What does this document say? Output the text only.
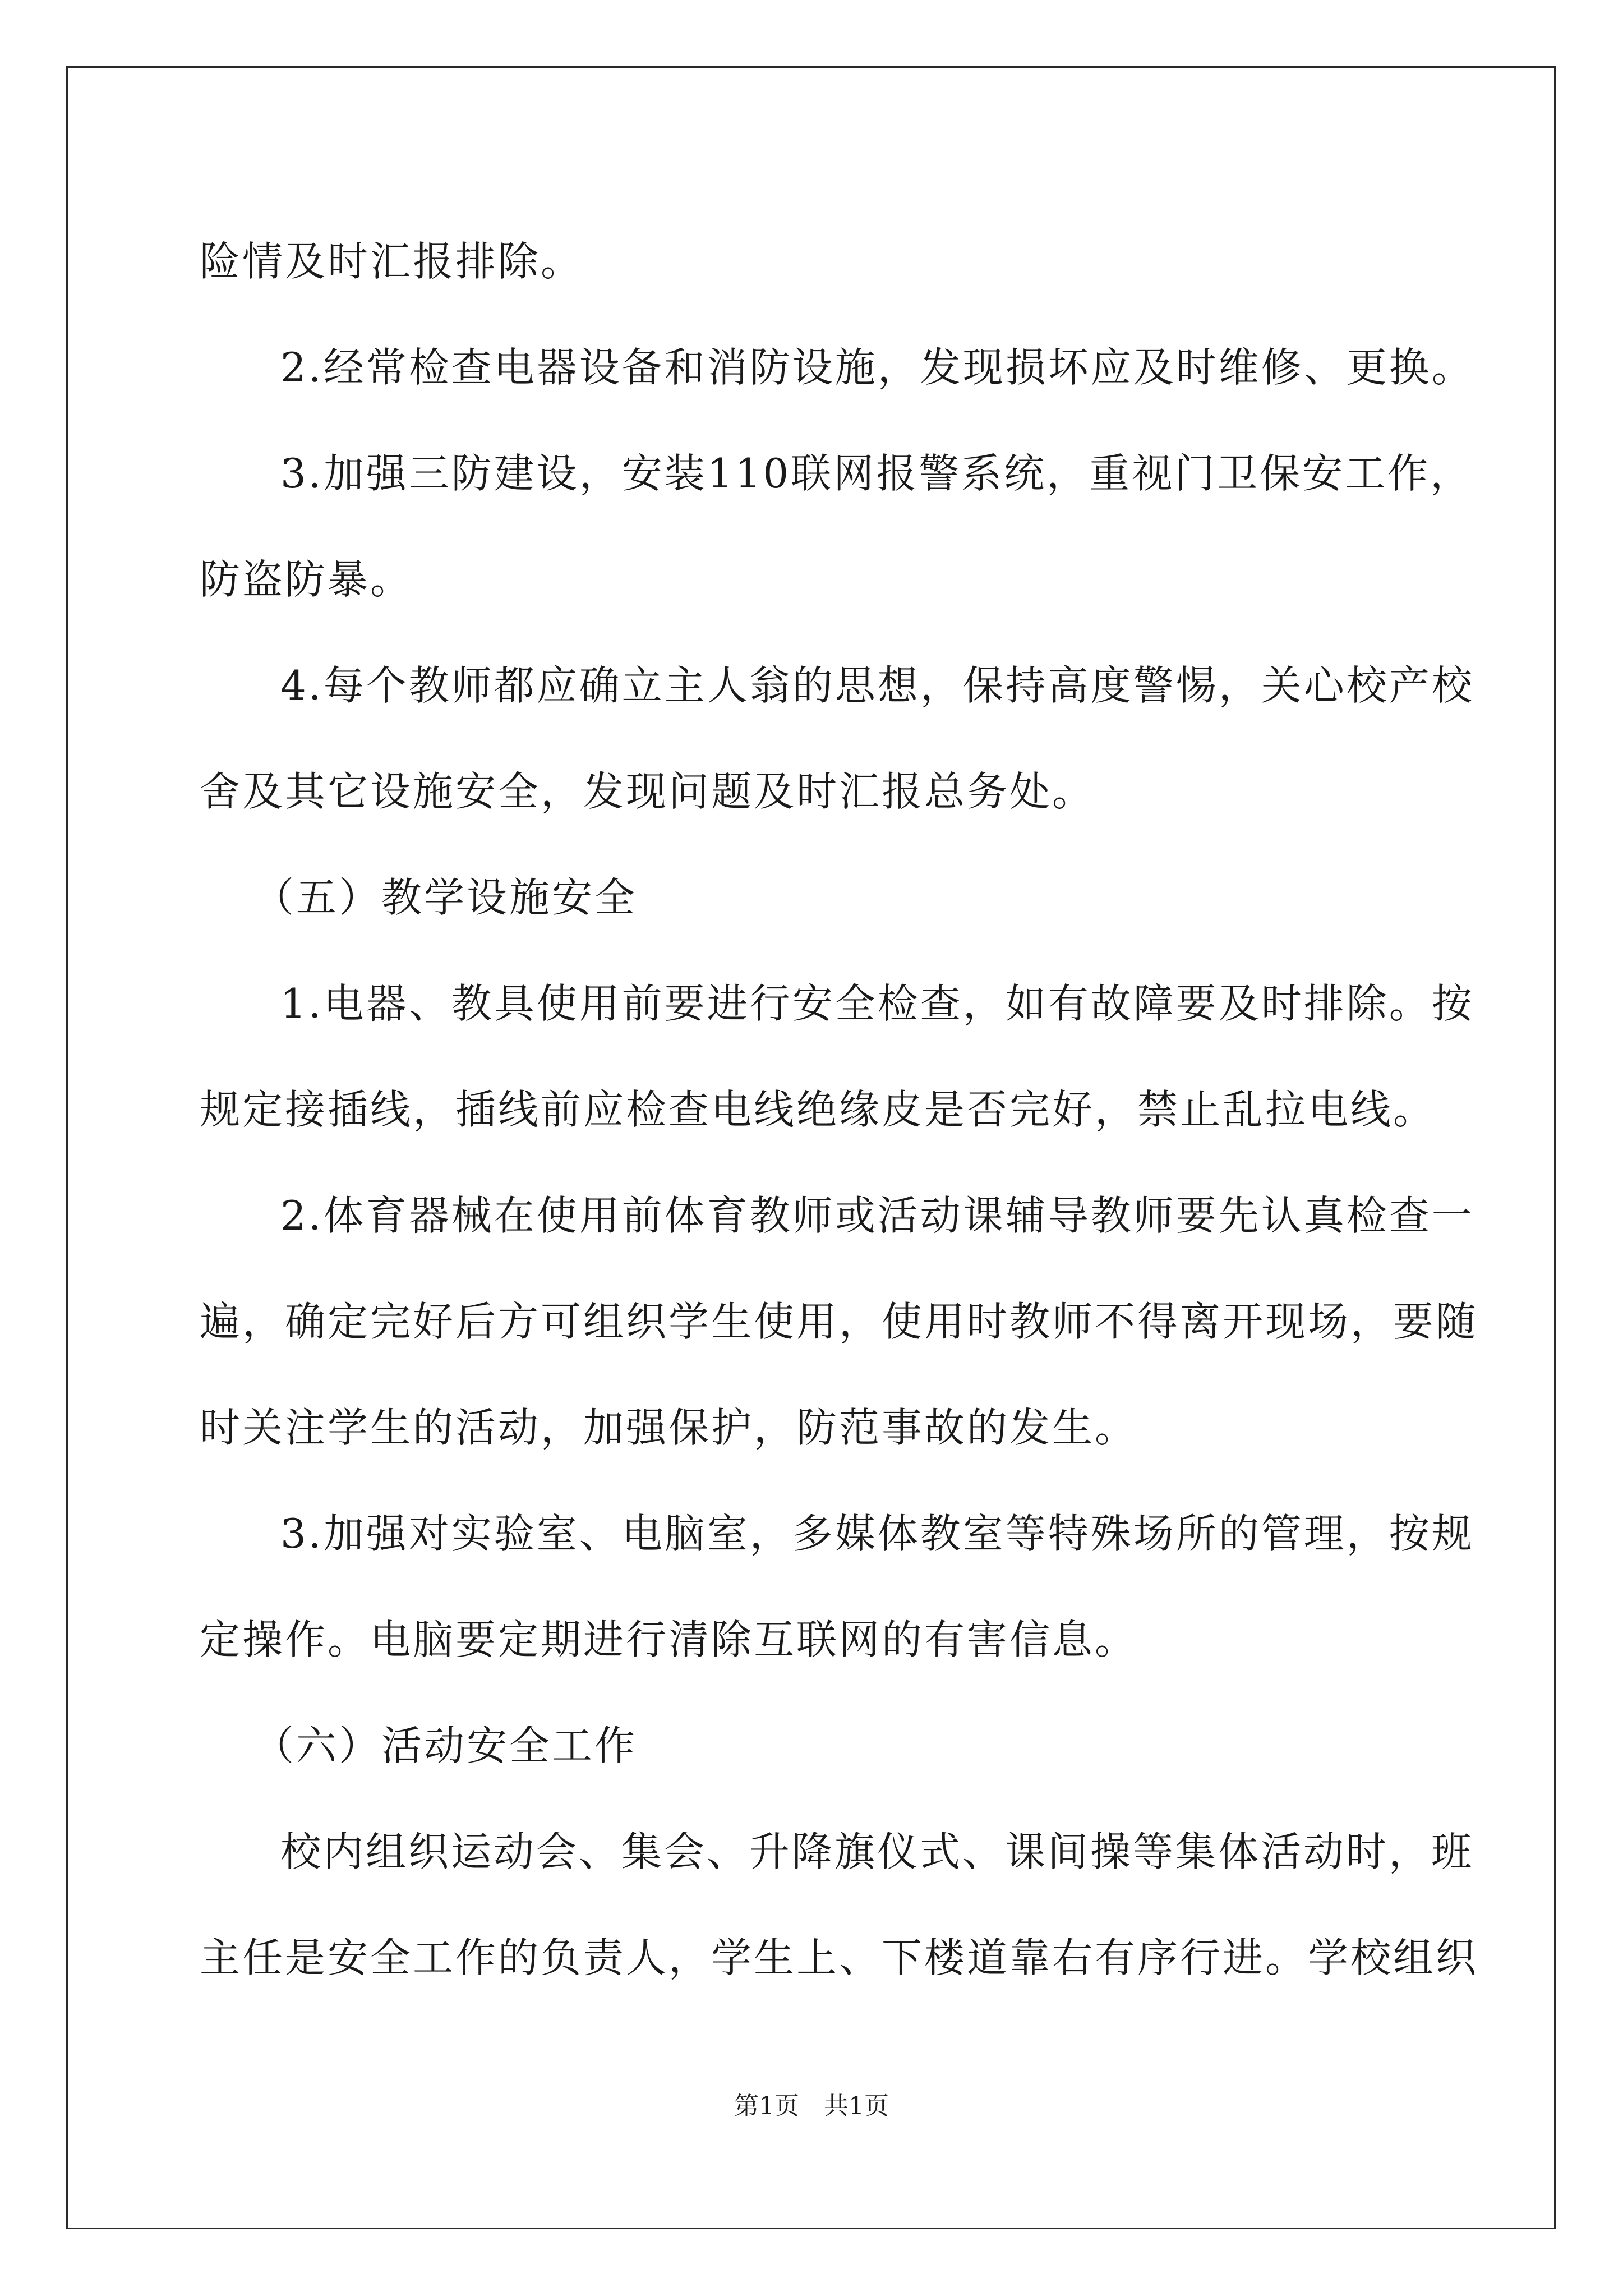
险情及时汇报排除。
2.经常检查电器设备和消防设施，发现损坏应及时维修、更换。
3.加强三防建设，安装110联网报警系统，重视门卫保安工作，
防盗防暴。
4.每个教师都应确立主人翁的思想，保持高度警惕，关心校产校
舍及其它设施安全，发现问题及时汇报总务处。
（五）教学设施安全
1.电器、教具使用前要进行安全检查，如有故障要及时排除。按
规定接插线，插线前应检查电线绝缘皮是否完好，禁止乱拉电线。
2.体育器械在使用前体育教师或活动课辅导教师要先认真检查一
遍，确定完好后方可组织学生使用，使用时教师不得离开现场，要随
时关注学生的活动，加强保护，防范事故的发生。
3.加强对实验室、电脑室，多媒体教室等特殊场所的管理，按规
定操作。电脑要定期进行清除互联网的有害信息。
（六）活动安全工作
校内组织运动会、集会、升降旗仪式、课间操等集体活动时，班
主任是安全工作的负责人，学生上、下楼道靠右有序行进。学校组织
第1页 共1页
